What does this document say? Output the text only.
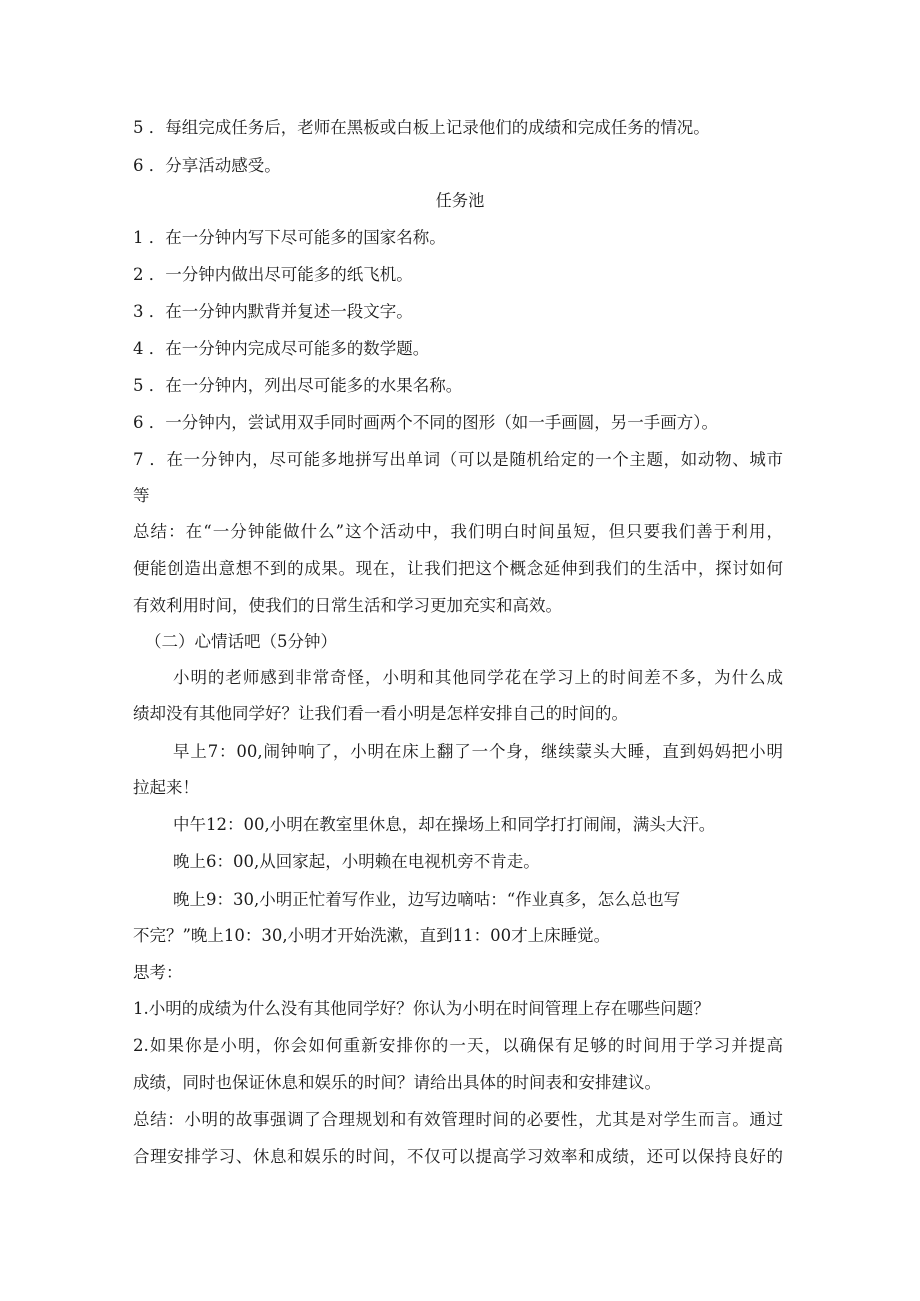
5 ．每组完成任务后，老师在黑板或白板上记录他们的成绩和完成任务的情况。
6 ．分享活动感受。
任务池
1 ．在一分钟内写下尽可能多的国家名称。
2 ．一分钟内做出尽可能多的纸飞机。
3 ．在一分钟内默背并复述一段文字。
4 ．在一分钟内完成尽可能多的数学题。
5 ．在一分钟内，列出尽可能多的水果名称。
6 ．一分钟内，尝试用双手同时画两个不同的图形（如一手画圆，另一手画方）。
7 ．在一分钟内，尽可能多地拼写出单词（可以是随机给定的一个主题，如动物、城市
等
总结：在“一分钟能做什么”这个活动中，我们明白时间虽短，但只要我们善于利用，
便能创造出意想不到的成果。现在，让我们把这个概念延伸到我们的生活中，探讨如何
有效利用时间，使我们的日常生活和学习更加充实和高效。
（二）心情话吧（5分钟）
小明的老师感到非常奇怪，小明和其他同学花在学习上的时间差不多，为什么成
绩却没有其他同学好？让我们看一看小明是怎样安排自己的时间的。
早上7：00,闹钟响了，小明在床上翻了一个身，继续蒙头大睡，直到妈妈把小明
拉起来！
中午12：00,小明在教室里休息，却在操场上和同学打打闹闹，满头大汗。
晚上6：00,从回家起，小明赖在电视机旁不肯走。
晚上9：30,小明正忙着写作业，边写边嘀咕：“作业真多，怎么总也写
不完？”晚上10：30,小明才开始洗漱，直到11：00才上床睡觉。
思考：
1.小明的成绩为什么没有其他同学好？你认为小明在时间管理上存在哪些问题？
2.如果你是小明，你会如何重新安排你的一天，以确保有足够的时间用于学习并提高
成绩，同时也保证休息和娱乐的时间？请给出具体的时间表和安排建议。
总结：小明的故事强调了合理规划和有效管理时间的必要性，尤其是对学生而言。通过
合理安排学习、休息和娱乐的时间，不仅可以提高学习效率和成绩，还可以保持良好的
